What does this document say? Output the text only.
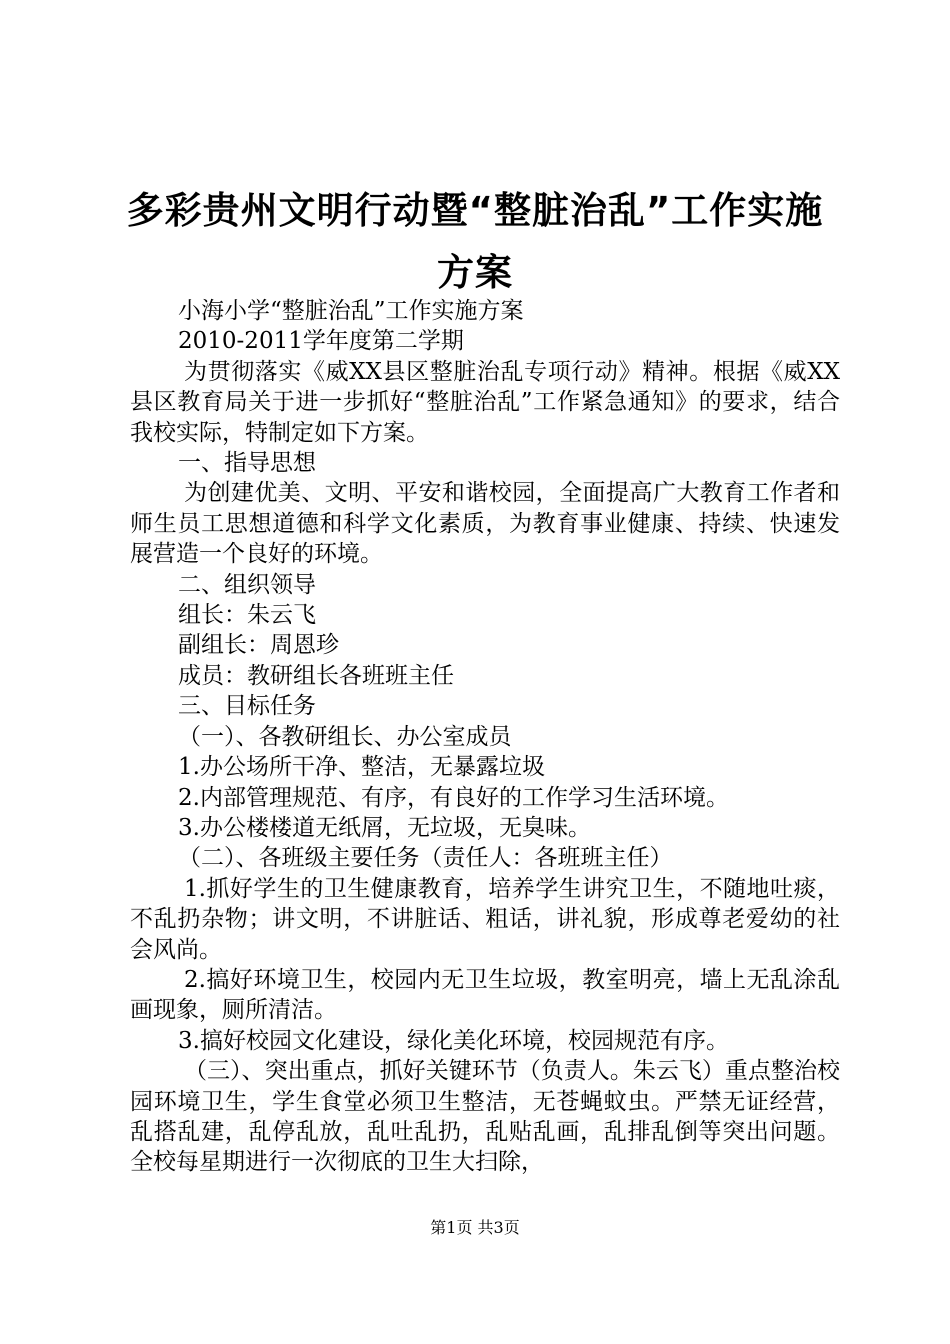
多彩贵州文明行动暨“整脏治乱”工作实施方案

小海小学“整脏治乱”工作实施方案

2010-2011学年度第二学期

为贯彻落实《威XX县区整脏治乱专项行动》精神。根据《威XX县区教育局关于进一步抓好“整脏治乱”工作紧急通知》的要求，结合我校实际，特制定如下方案。

一、指导思想

为创建优美、文明、平安和谐校园，全面提高广大教育工作者和师生员工思想道德和科学文化素质，为教育事业健康、持续、快速发展营造一个良好的环境。

二、组织领导

组长：朱云飞

副组长：周恩珍

成员：教研组长各班班主任

三、目标任务

（一）、各教研组长、办公室成员

1.办公场所干净、整洁，无暴露垃圾

2.内部管理规范、有序，有良好的工作学习生活环境。

3.办公楼楼道无纸屑，无垃圾，无臭味。

（二）、各班级主要任务（责任人：各班班主任）

1.抓好学生的卫生健康教育，培养学生讲究卫生，不随地吐痰，不乱扔杂物；讲文明，不讲脏话、粗话，讲礼貌，形成尊老爱幼的社会风尚。

2.搞好环境卫生，校园内无卫生垃圾，教室明亮，墙上无乱涂乱画现象，厕所清洁。

3.搞好校园文化建设，绿化美化环境，校园规范有序。

（三）、突出重点，抓好关键环节（负责人。朱云飞）重点整治校园环境卫生，学生食堂必须卫生整洁，无苍蝇蚊虫。严禁无证经营，乱搭乱建，乱停乱放，乱吐乱扔，乱贴乱画，乱排乱倒等突出问题。全校每星期进行一次彻底的卫生大扫除，

第1页 共3页
